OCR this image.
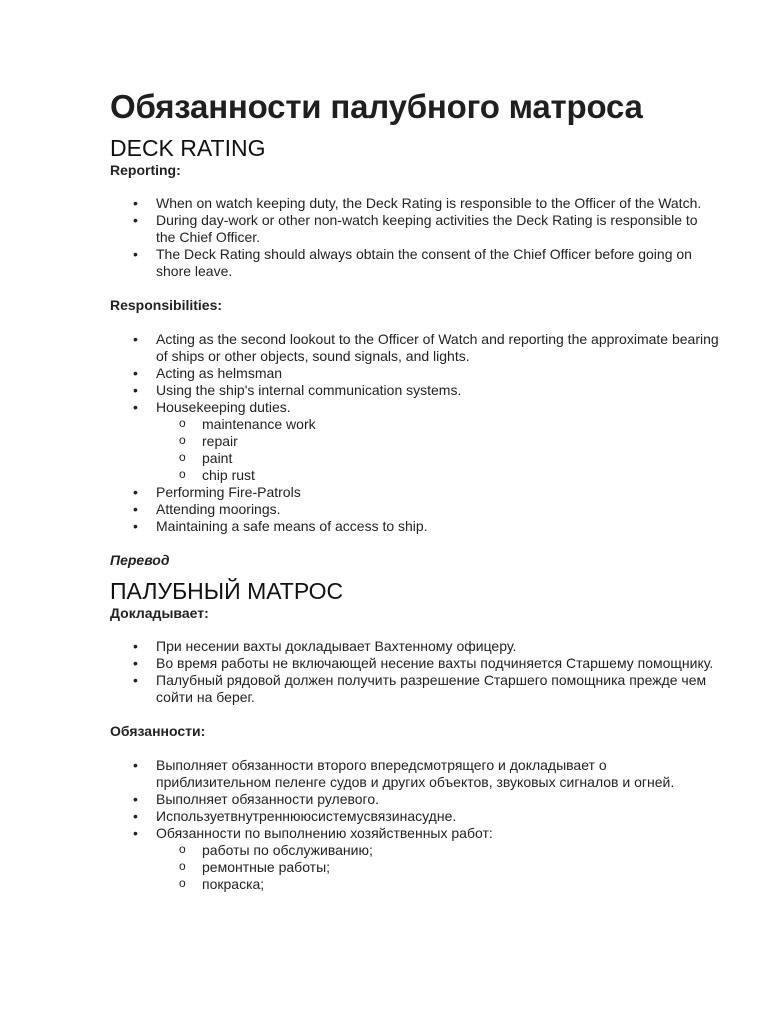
Обязанности палубного матроса
DECK RATING

Reporting:

• When on watch keeping duty, the Deck Rating is responsible to the Officer of the Watch.
• During day-work or other non-watch keeping activities the Deck Rating is responsible to the Chief Officer.
• The Deck Rating should always obtain the consent of the Chief Officer before going on shore leave.

Responsibilities:

• Acting as the second lookout to the Officer of Watch and reporting the approximate bearing of ships or other objects, sound signals, and lights.
• Acting as helmsman
• Using the ship's internal communication systems.
• Housekeeping duties.
o maintenance work
o repair
o paint
o chip rust
• Performing Fire-Patrols
• Attending moorings.
• Maintaining a safe means of access to ship.

Перевод

ПАЛУБНЫЙ МАТРОС

Докладывает:

• При несении вахты докладывает Вахтенному офицеру.
• Во время работы не включающей несение вахты подчиняется Старшему помощнику.
• Палубный рядовой должен получить разрешение Старшего помощника прежде чем сойти на берег.

Обязанности:

• Выполняет обязанности второго впередсмотрящего и докладывает о приблизительном пеленге судов и других объектов, звуковых сигналов и огней.
• Выполняет обязанности рулевого.
• Используетвнутреннююсистемусвязинасудне.
• Обязанности по выполнению хозяйственных работ:
o работы по обслуживанию;
o ремонтные работы;
o покраска;
